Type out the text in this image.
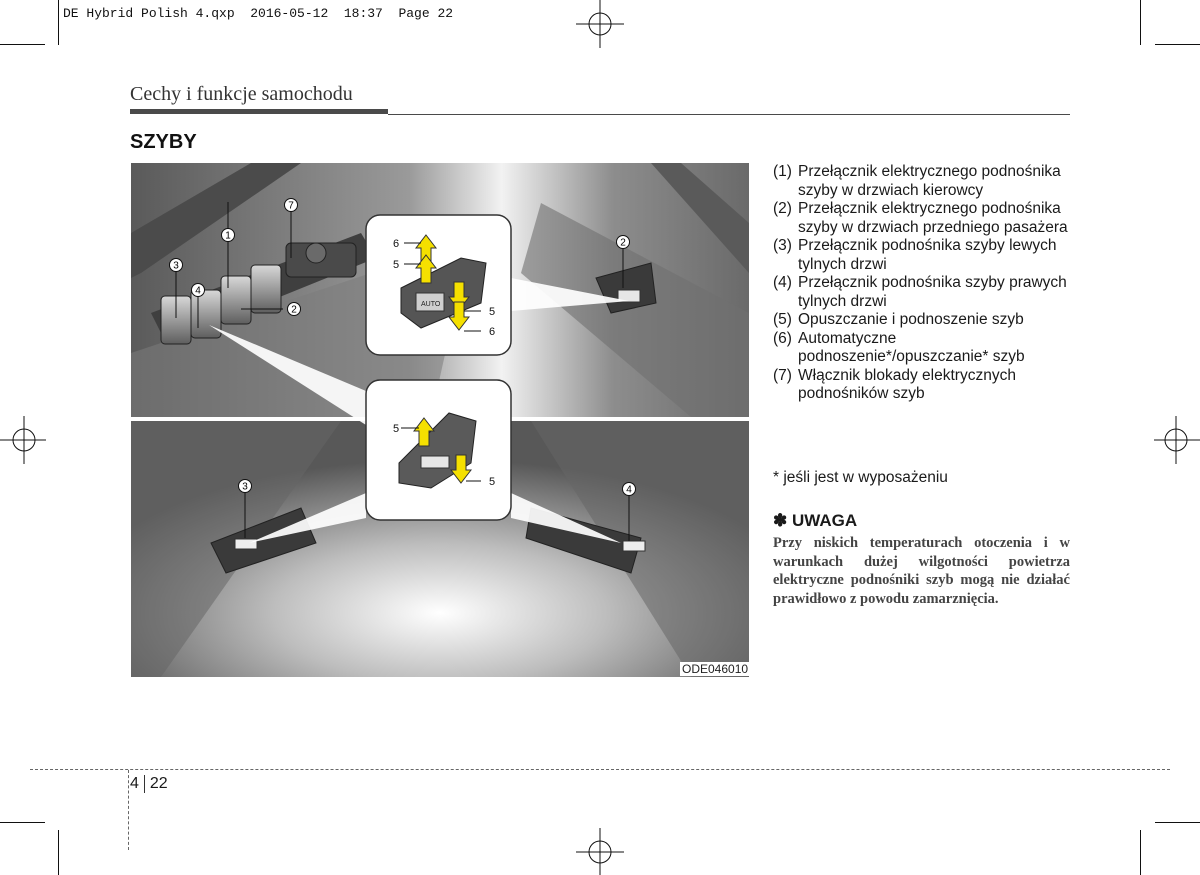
DE Hybrid Polish 4.qxp  2016-05-12  18:37  Page 22
Cechy i funkcje samochodu
SZYBY
1
7
3
4
2
2
3	4
6
5
5
6
5
5
AUTO
ODE046010
(1) Przełącznik elektrycznego podnośnika szyby w drzwiach kierowcy
(2) Przełącznik elektrycznego podnośnika szyby w drzwiach przedniego pasażera
(3) Przełącznik podnośnika szyby lewych tylnych drzwi
(4) Przełącznik podnośnika szyby prawych tylnych drzwi
(5) Opuszczanie i podnoszenie szyb
(6) Automatyczne podnoszenie*/opuszczanie* szyb
(7) Włącznik blokady elektrycznych podnośników szyb
* jeśli jest w wyposażeniu
✽ UWAGA
Przy niskich temperaturach otoczenia i w warunkach dużej wilgotności powietrza elektryczne podnośniki szyb mogą nie działać prawidłowo z powodu zamarznięcia.
4 22
